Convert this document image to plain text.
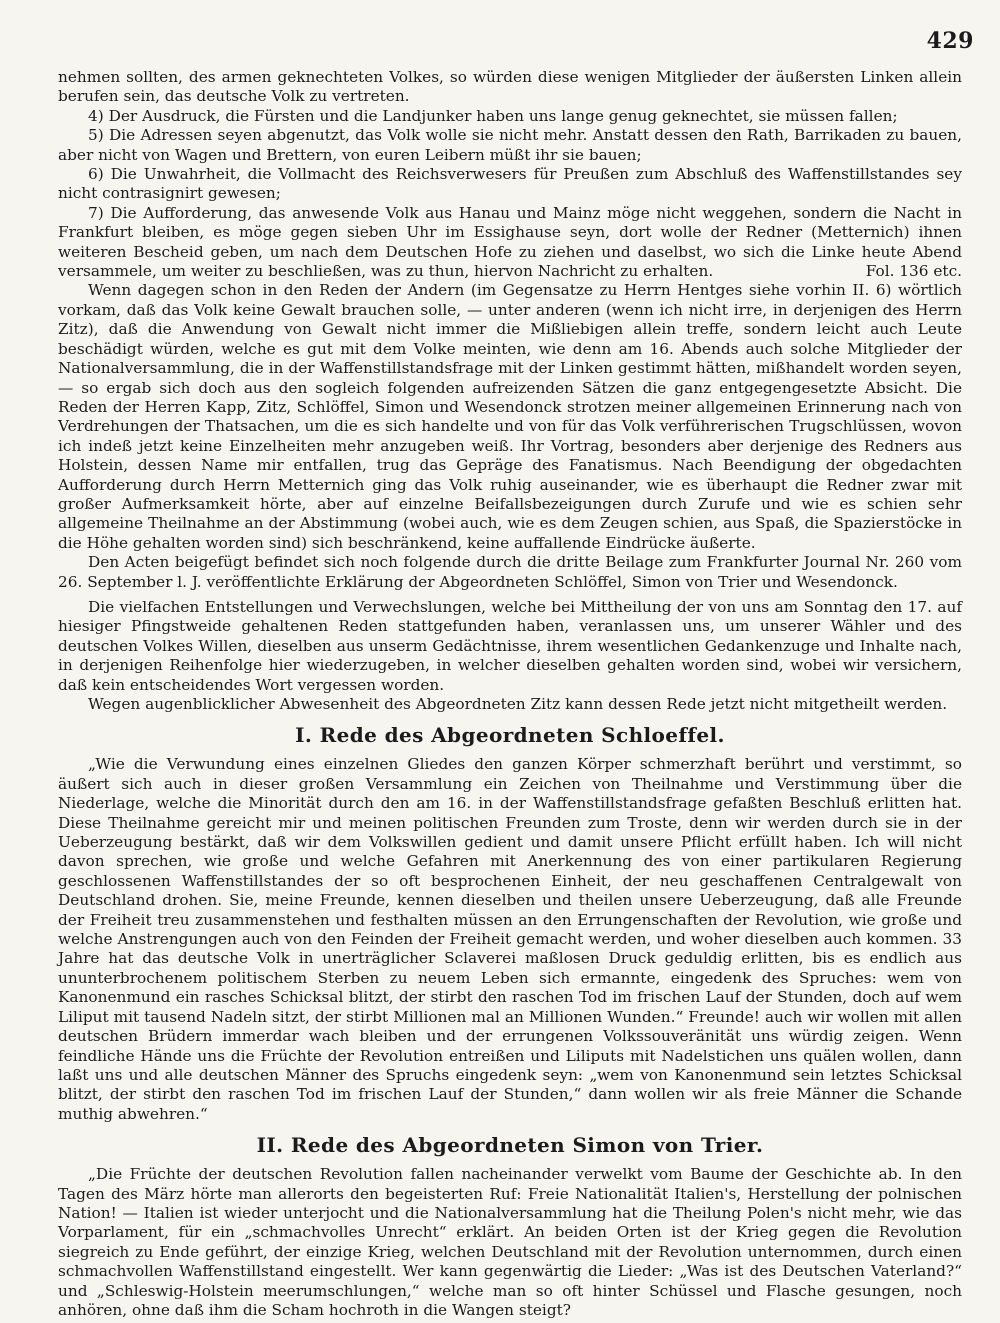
429

nehmen sollten, des armen geknechteten Volkes, so würden diese wenigen Mitglieder der äußersten Linken allein berufen sein, das deutsche Volk zu vertreten.

4) Der Ausdruck, die Fürsten und die Landjunker haben uns lange genug geknechtet, sie müssen fallen;

5) Die Adressen seyen abgenutzt, das Volk wolle sie nicht mehr. Anstatt dessen den Rath, Barrikaden zu bauen, aber nicht von Wagen und Brettern, von euren Leibern müßt ihr sie bauen;

6) Die Unwahrheit, die Vollmacht des Reichsverwesers für Preußen zum Abschluß des Waffenstillstandes sey nicht contrasignirt gewesen;

7) Die Aufforderung, das anwesende Volk aus Hanau und Mainz möge nicht weggehen, sondern die Nacht in Frankfurt bleiben, es möge gegen sieben Uhr im Essighause seyn, dort wolle der Redner (Metternich) ihnen weiteren Bescheid geben, um nach dem Deutschen Hofe zu ziehen und daselbst, wo sich die Linke heute Abend versammele, um weiter zu beschließen, was zu thun, hiervon Nachricht zu erhalten.	Fol. 136 etc.

Wenn dagegen schon in den Reden der Andern (im Gegensatze zu Herrn Hentges siehe vorhin II. 6) wörtlich vorkam, daß das Volk keine Gewalt brauchen solle, — unter anderen (wenn ich nicht irre, in derjenigen des Herrn Zitz), daß die Anwendung von Gewalt nicht immer die Mißliebigen allein treffe, sondern leicht auch Leute beschädigt würden, welche es gut mit dem Volke meinten, wie denn am 16. Abends auch solche Mitglieder der Nationalversammlung, die in der Waffenstillstandsfrage mit der Linken gestimmt hätten, mißhandelt worden seyen, — so ergab sich doch aus den sogleich folgenden aufreizenden Sätzen die ganz entgegengesetzte Absicht. Die Reden der Herren Kapp, Zitz, Schlöffel, Simon und Wesendonck strotzen meiner allgemeinen Erinnerung nach von Verdrehungen der Thatsachen, um die es sich handelte und von für das Volk verführerischen Trugschlüssen, wovon ich indeß jetzt keine Einzelheiten mehr anzugeben weiß. Ihr Vortrag, besonders aber derjenige des Redners aus Holstein, dessen Name mir entfallen, trug das Gepräge des Fanatismus. Nach Beendigung der obgedachten Aufforderung durch Herrn Metternich ging das Volk ruhig auseinander, wie es überhaupt die Redner zwar mit großer Aufmerksamkeit hörte, aber auf einzelne Beifallsbezeigungen durch Zurufe und wie es schien sehr allgemeine Theilnahme an der Abstimmung (wobei auch, wie es dem Zeugen schien, aus Spaß, die Spazierstöcke in die Höhe gehalten worden sind) sich beschränkend, keine auffallende Eindrücke äußerte.

Den Acten beigefügt befindet sich noch folgende durch die dritte Beilage zum Frankfurter Journal Nr. 260 vom 26. September l. J. veröffentlichte Erklärung der Abgeordneten Schlöffel, Simon von Trier und Wesendonck.

Die vielfachen Entstellungen und Verwechslungen, welche bei Mittheilung der von uns am Sonntag den 17. auf hiesiger Pfingstweide gehaltenen Reden stattgefunden haben, veranlassen uns, um unserer Wähler und des deutschen Volkes Willen, dieselben aus unserm Gedächtnisse, ihrem wesentlichen Gedankenzuge und Inhalte nach, in derjenigen Reihenfolge hier wiederzugeben, in welcher dieselben gehalten worden sind, wobei wir versichern, daß kein entscheidendes Wort vergessen worden.

Wegen augenblicklicher Abwesenheit des Abgeordneten Zitz kann dessen Rede jetzt nicht mitgetheilt werden.

I. Rede des Abgeordneten Schloeffel.

„Wie die Verwundung eines einzelnen Gliedes den ganzen Körper schmerzhaft berührt und verstimmt, so äußert sich auch in dieser großen Versammlung ein Zeichen von Theilnahme und Verstimmung über die Niederlage, welche die Minorität durch den am 16. in der Waffenstillstandsfrage gefaßten Beschluß erlitten hat. Diese Theilnahme gereicht mir und meinen politischen Freunden zum Troste, denn wir werden durch sie in der Ueberzeugung bestärkt, daß wir dem Volkswillen gedient und damit unsere Pflicht erfüllt haben. Ich will nicht davon sprechen, wie große und welche Gefahren mit Anerkennung des von einer partikularen Regierung geschlossenen Waffenstillstandes der so oft besprochenen Einheit, der neu geschaffenen Centralgewalt von Deutschland drohen. Sie, meine Freunde, kennen dieselben und theilen unsere Ueberzeugung, daß alle Freunde der Freiheit treu zusammenstehen und festhalten müssen an den Errungenschaften der Revolution, wie große und welche Anstrengungen auch von den Feinden der Freiheit gemacht werden, und woher dieselben auch kommen. 33 Jahre hat das deutsche Volk in unerträglicher Sclaverei maßlosen Druck geduldig erlitten, bis es endlich aus ununterbrochenem politischem Sterben zu neuem Leben sich ermannte, eingedenk des Spruches: wem von Kanonenmund ein rasches Schicksal blitzt, der stirbt den raschen Tod im frischen Lauf der Stunden, doch auf wem Liliput mit tausend Nadeln sitzt, der stirbt Millionen mal an Millionen Wunden.“ Freunde! auch wir wollen mit allen deutschen Brüdern immerdar wach bleiben und der errungenen Volkssouveränität uns würdig zeigen. Wenn feindliche Hände uns die Früchte der Revolution entreißen und Liliputs mit Nadelstichen uns quälen wollen, dann laßt uns und alle deutschen Männer des Spruchs eingedenk seyn: „wem von Kanonenmund sein letztes Schicksal blitzt, der stirbt den raschen Tod im frischen Lauf der Stunden,“ dann wollen wir als freie Männer die Schande muthig abwehren.“

II. Rede des Abgeordneten Simon von Trier.

„Die Früchte der deutschen Revolution fallen nacheinander verwelkt vom Baume der Geschichte ab. In den Tagen des März hörte man allerorts den begeisterten Ruf: Freie Nationalität Italien's, Herstellung der polnischen Nation! — Italien ist wieder unterjocht und die Nationalversammlung hat die Theilung Polen's nicht mehr, wie das Vorparlament, für ein „schmachvolles Unrecht“ erklärt. An beiden Orten ist der Krieg gegen die Revolution siegreich zu Ende geführt, der einzige Krieg, welchen Deutschland mit der Revolution unternommen, durch einen schmachvollen Waffenstillstand eingestellt. Wer kann gegenwärtig die Lieder: „Was ist des Deutschen Vaterland?“ und „Schleswig-Holstein meerumschlungen,“ welche man so oft hinter Schüssel und Flasche gesungen, noch anhören, ohne daß ihm die Scham hochroth in die Wangen steigt?
